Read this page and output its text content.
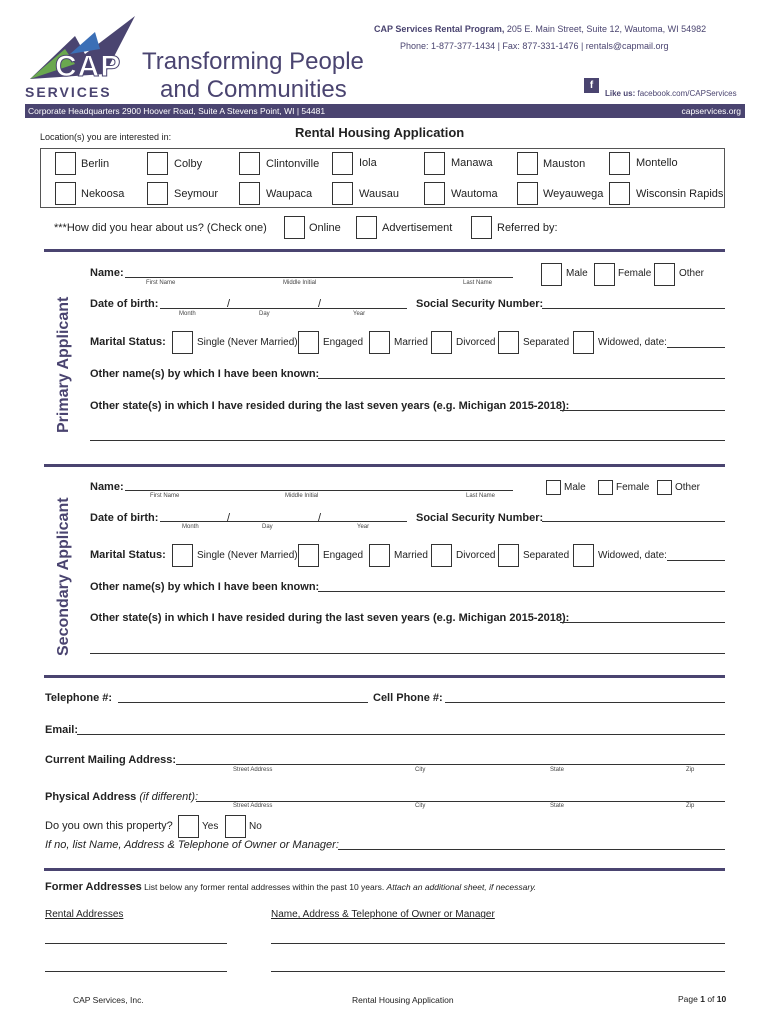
CAP
SERVICES
Transforming People
and Communities
CAP Services Rental Program, 205 E. Main Street, Suite 12, Wautoma, WI 54982
Phone: 1-877-377-1434 | Fax: 877-331-1476 | rentals@capmail.org
f
Like us: facebook.com/CAPServices
Corporate Headquarters 2900 Hoover Road, Suite A Stevens Point, WI | 54481	capservices.org
Location(s) you are interested in:	Rental Housing Application
Berlin	Colby	Clintonville	Iola	Manawa	Mauston	Montello
Nekoosa	Seymour	Waupaca	Wausau	Wautoma	Weyauwega	Wisconsin Rapids
***How did you hear about us? (Check one)	Online	Advertisement	Referred by:
Primary Applicant
Name:
First Name	Middle Initial	Last Name
Male	Female	Other
Date of birth:	/	/
Month	Day	Year
Social Security Number:
Marital Status:	Single (Never Married)	Engaged	Married	Divorced	Separated	Widowed, date:
Other name(s) by which I have been known:
Other state(s) in which I have resided during the last seven years (e.g. Michigan 2015-2018):
Secondary Applicant
Name:
First Name	Middle Initial	Last Name
Male	Female	Other
Date of birth:	/	/
Month	Day	Year
Social Security Number:
Marital Status:	Single (Never Married)	Engaged	Married	Divorced	Separated	Widowed, date:
Other name(s) by which I have been known:
Other state(s) in which I have resided during the last seven years (e.g. Michigan 2015-2018):
Telephone #:	Cell Phone #:
Email:
Current Mailing Address:
Street Address	City	State	Zip
Physical Address (if different):
Street Address	City	State	Zip
Do you own this property?	Yes	No
If no, list Name, Address & Telephone of Owner or Manager:
Former Addresses List below any former rental addresses within the past 10 years. Attach an additional sheet, if necessary.
Rental Addresses	Name, Address & Telephone of Owner or Manager
CAP Services, Inc.	Rental Housing Application	Page 1 of 10
